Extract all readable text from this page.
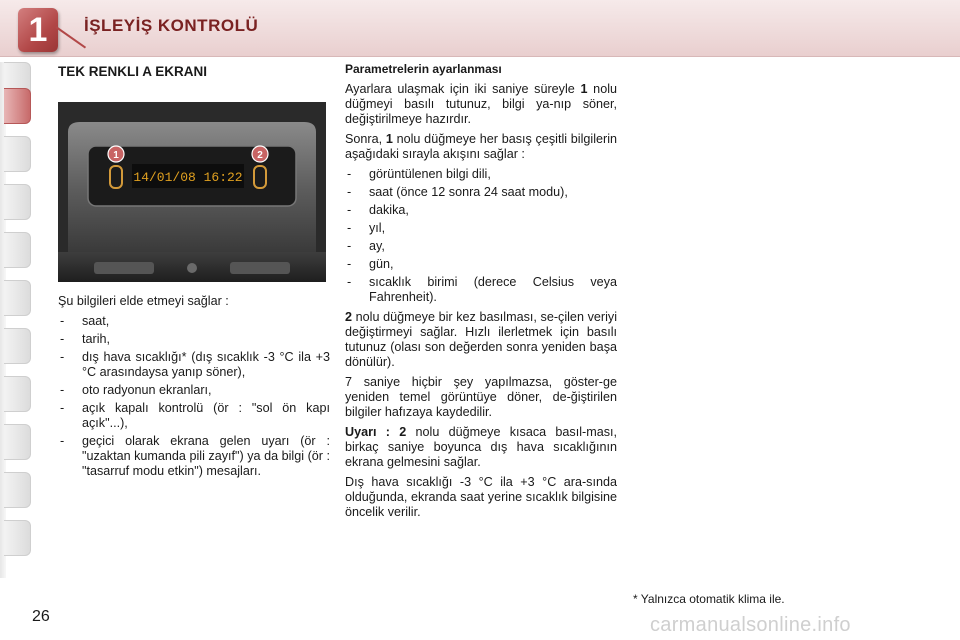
1	İŞLEYİŞ KONTROLÜ
TEK RENKLI A EKRANI
14/01/08 16:22
1	2

Şu bilgileri elde etmeyi sağlar :

- saat,
- tarih,
- dış hava sıcaklığı* (dış sıcaklık -3 °C ila +3 °C arasındaysa yanıp söner),
- oto radyonun ekranları,
- açık kapalı kontrolü (ör : "sol ön kapı açık"...),
- geçici olarak ekrana gelen uyarı (ör : "uzaktan kumanda pili zayıf") ya da bilgi (ör : "tasarruf modu etkin") mesajları.
Parametrelerin ayarlanması

Ayarlara ulaşmak için iki saniye süreyle 1 nolu düğmeyi basılı tutunuz, bilgi ya-nıp söner, değiştirilmeye hazırdır.

Sonra, 1 nolu düğmeye her basış çeşitli bilgilerin aşağıdaki sırayla akışını sağlar :

- görüntülenen bilgi dili,
- saat (önce 12 sonra 24 saat modu),
- dakika,
- yıl,
- ay,
- gün,
- sıcaklık birimi (derece Celsius veya Fahrenheit).

2 nolu düğmeye bir kez basılması, se-çilen veriyi değiştirmeyi sağlar. Hızlı ilerletmek için basılı tutunuz (olası son değerden sonra yeniden başa dönülür).

7 saniye hiçbir şey yapılmazsa, göster-ge yeniden temel görüntüye döner, de-ğiştirilen bilgiler hafızaya kaydedilir.

Uyarı : 2 nolu düğmeye kısaca basıl-ması, birkaç saniye boyunca dış hava sıcaklığının ekrana gelmesini sağlar.

Dış hava sıcaklığı -3 °C ila +3 °C ara-sında olduğunda, ekranda saat yerine sıcaklık bilgisine öncelik verilir.

* Yalnızca otomatik klima ile.
26	carmanualsonline.info
